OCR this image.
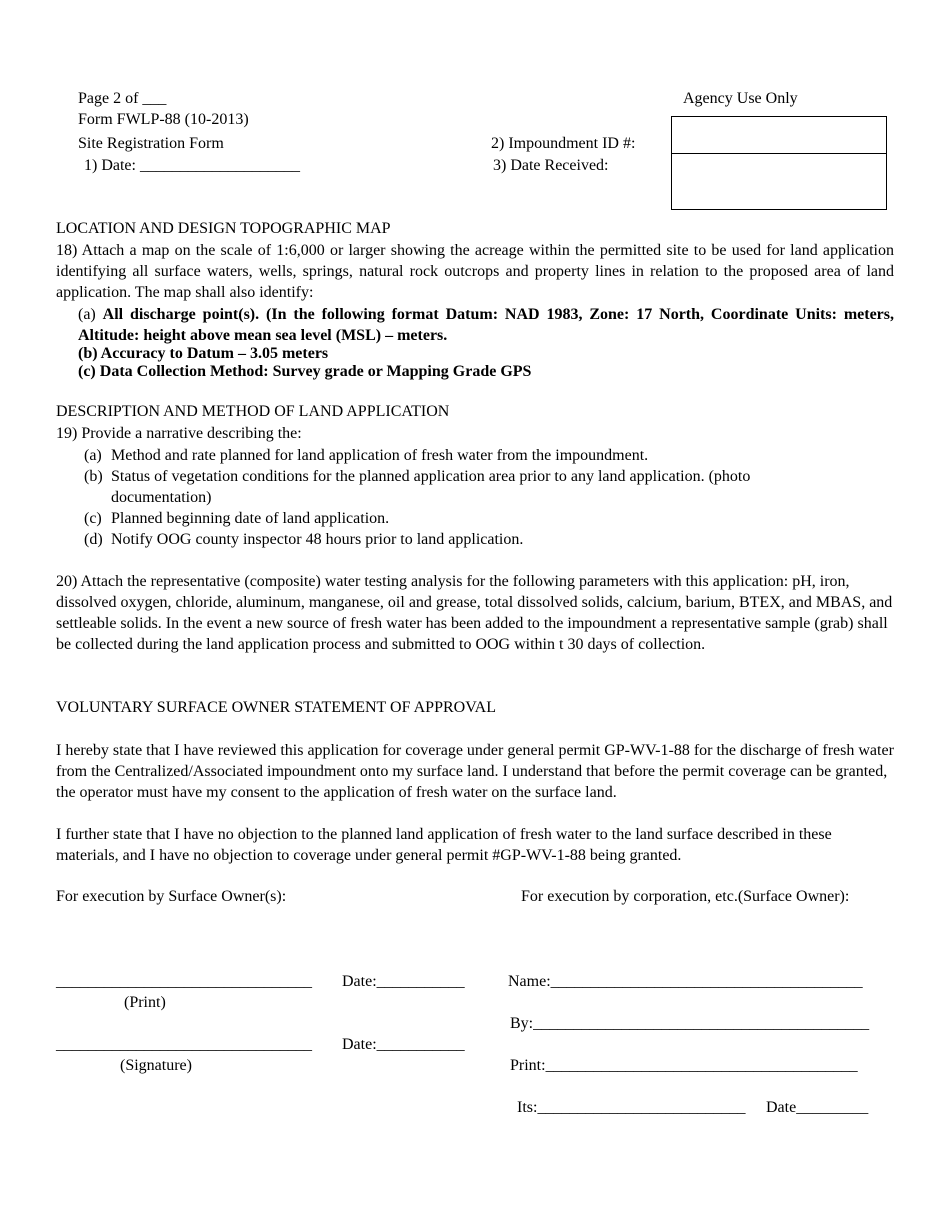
Page 2 of ___
Form FWLP-88 (10-2013)
Site Registration Form
1) Date: ____________________
2) Impoundment ID #:
3) Date Received:
Agency Use Only
LOCATION AND DESIGN TOPOGRAPHIC MAP
18) Attach a map on the scale of 1:6,000 or larger showing the acreage within the permitted site to be used for land application identifying all surface waters, wells, springs, natural rock outcrops and property lines in relation to the proposed area of land application. The map shall also identify:
(a) All discharge point(s). (In the following format Datum: NAD 1983, Zone: 17 North, Coordinate Units: meters, Altitude: height above mean sea level (MSL) – meters.
(b) Accuracy to Datum – 3.05 meters
(c) Data Collection Method: Survey grade or Mapping Grade GPS
DESCRIPTION AND METHOD OF LAND APPLICATION
19) Provide a narrative describing the:
(a) Method and rate planned for land application of fresh water from the impoundment.
(b) Status of vegetation conditions for the planned application area prior to any land application. (photo documentation)
(c) Planned beginning date of land application.
(d) Notify OOG county inspector 48 hours prior to land application.
20) Attach the representative (composite) water testing analysis for the following parameters with this application: pH, iron, dissolved oxygen, chloride, aluminum, manganese, oil and grease, total dissolved solids, calcium, barium, BTEX, and MBAS, and settleable solids. In the event a new source of fresh water has been added to the impoundment a representative sample (grab) shall be collected during the land application process and submitted to OOG within t 30 days of collection.
VOLUNTARY SURFACE OWNER STATEMENT OF APPROVAL
I hereby state that I have reviewed this application for coverage under general permit GP-WV-1-88 for the discharge of fresh water from the Centralized/Associated impoundment onto my surface land. I understand that before the permit coverage can be granted, the operator must have my consent to the application of fresh water on the surface land.
I further state that I have no objection to the planned land application of fresh water to the land surface described in these materials, and I have no objection to coverage under general permit #GP-WV-1-88 being granted.
For execution by Surface Owner(s):	For execution by corporation, etc.(Surface Owner):
________________________________ Date:___________
(Print)
________________________________ Date:___________
(Signature)
Name:_______________________________________
By:__________________________________________
Print:_______________________________________
Its:__________________________ Date_________
